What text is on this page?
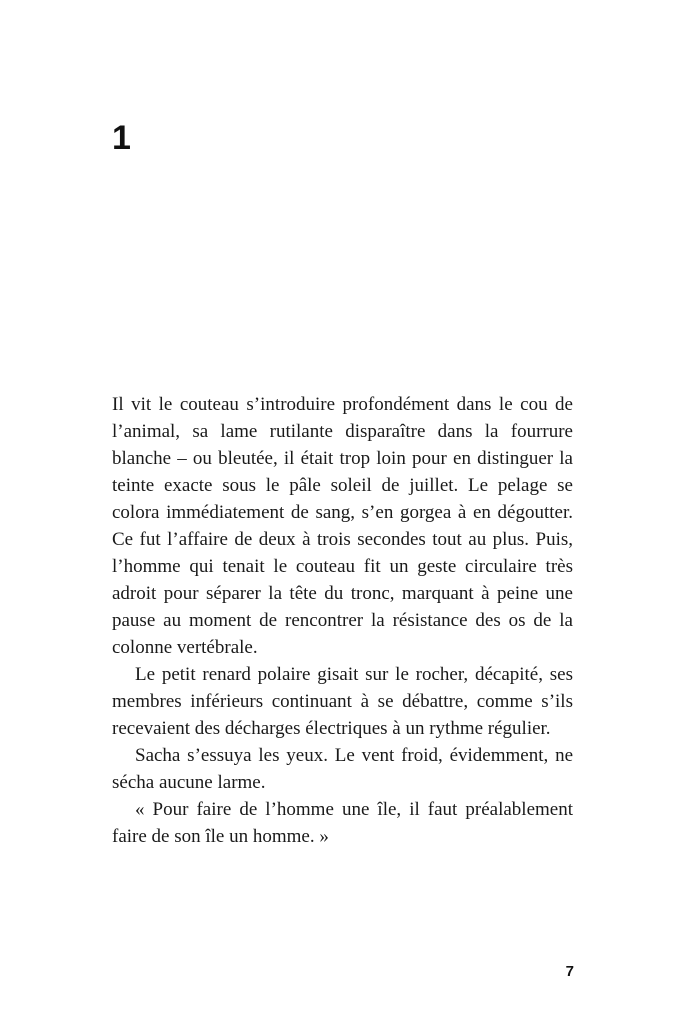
1

Il vit le couteau s’introduire profondément dans le cou de l’animal, sa lame rutilante disparaître dans la fourrure blanche – ou bleutée, il était trop loin pour en distinguer la teinte exacte sous le pâle soleil de juillet. Le pelage se colora immédiatement de sang, s’en gorgea à en dégoutter. Ce fut l’affaire de deux à trois secondes tout au plus. Puis, l’homme qui tenait le couteau fit un geste circulaire très adroit pour séparer la tête du tronc, marquant à peine une pause au moment de rencontrer la résistance des os de la colonne vertébrale.

Le petit renard polaire gisait sur le rocher, décapité, ses membres inférieurs continuant à se débattre, comme s’ils recevaient des décharges électriques à un rythme régulier.

Sacha s’essuya les yeux. Le vent froid, évidemment, ne sécha aucune larme.

« Pour faire de l’homme une île, il faut préalablement faire de son île un homme. »

7
